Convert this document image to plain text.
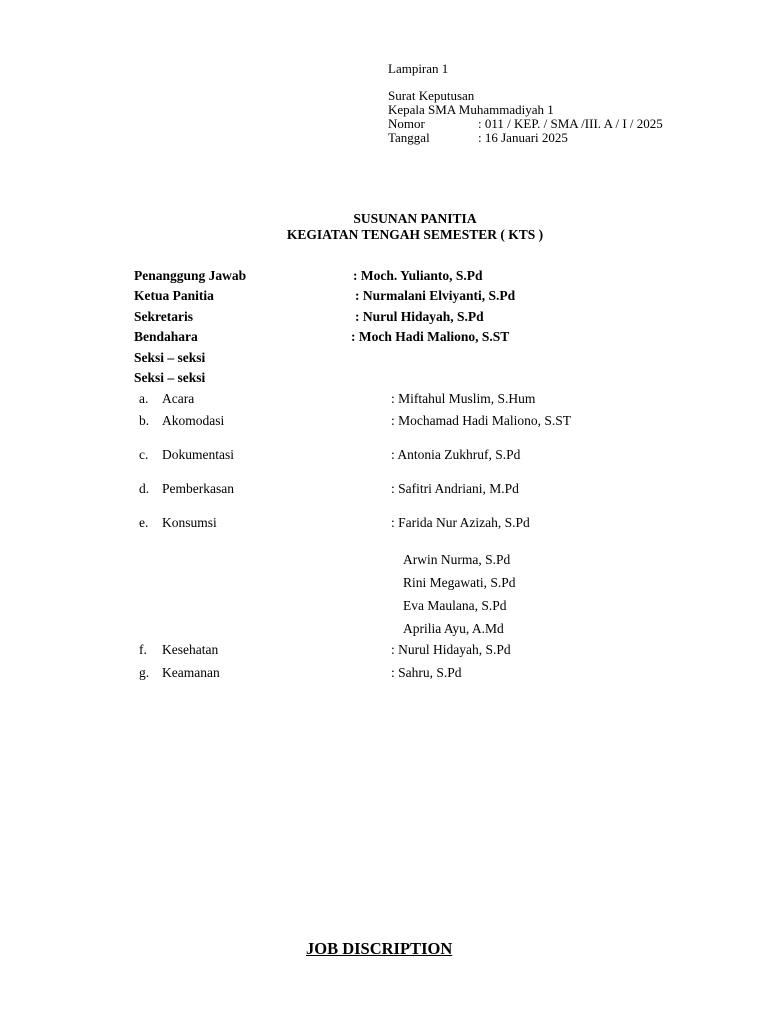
Lampiran 1
Surat Keputusan
Kepala SMA Muhammadiyah 1
Nomor	: 011 / KEP. / SMA /III. A / I / 2025
Tanggal	: 16 Januari 2025
SUSUNAN PANITIA
KEGIATAN TENGAH SEMESTER ( KTS )
Penanggung Jawab	: Moch. Yulianto, S.Pd
Ketua Panitia	: Nurmalani Elviyanti, S.Pd
Sekretaris	: Nurul Hidayah, S.Pd
Bendahara	: Moch Hadi Maliono, S.ST
Seksi – seksi
Seksi – seksi
a. Acara	: Miftahul Muslim, S.Hum
b. Akomodasi	: Mochamad Hadi Maliono, S.ST
c. Dokumentasi	: Antonia Zukhruf, S.Pd
d. Pemberkasan	: Safitri Andriani, M.Pd
e. Konsumsi	: Farida Nur Azizah, S.Pd
Arwin Nurma, S.Pd
Rini Megawati, S.Pd
Eva Maulana, S.Pd
Aprilia Ayu, A.Md
f. Kesehatan	: Nurul Hidayah, S.Pd
g. Keamanan	: Sahru, S.Pd
JOB DISCRIPTION
